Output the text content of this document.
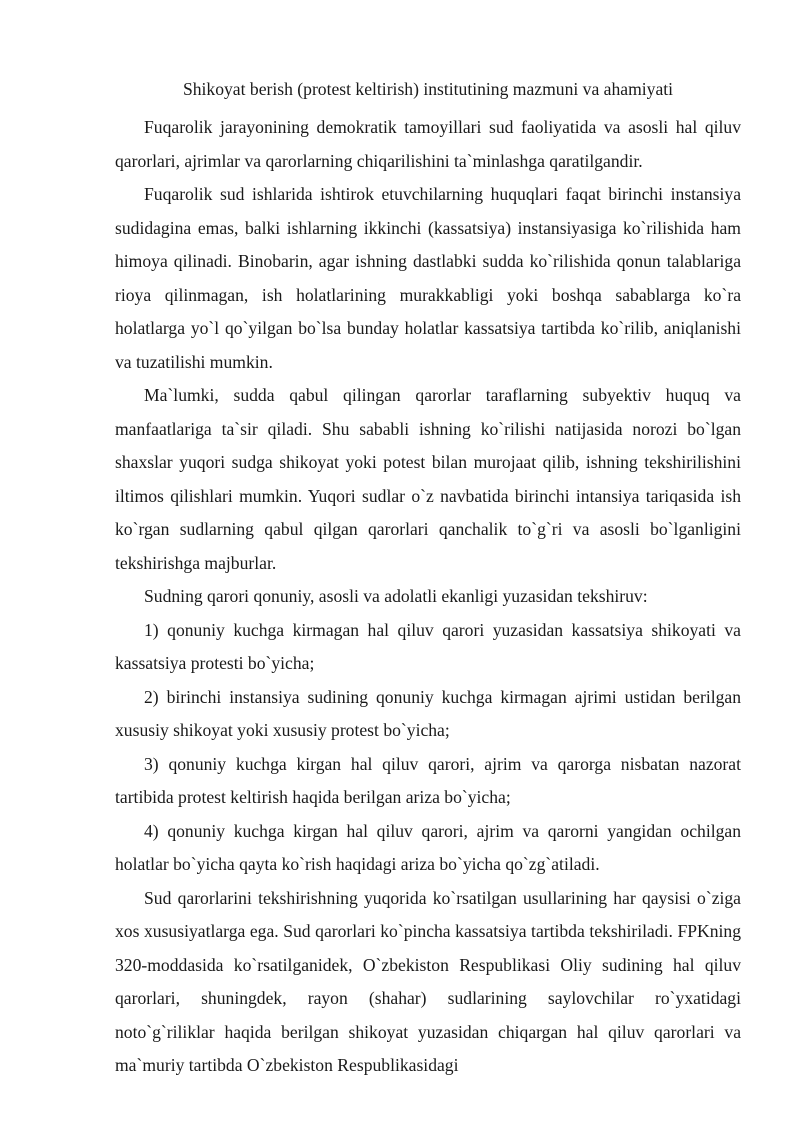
Shikoyat berish (protest keltirish) institutining mazmuni va ahamiyati

Fuqarolik jarayonining demokratik tamoyillari sud faoliyatida va asosli hal qiluv qarorlari, ajrimlar va qarorlarning chiqarilishini ta`minlashga qaratilgandir.

Fuqarolik sud ishlarida ishtirok etuvchilarning huquqlari faqat birinchi instansiya sudidagina emas, balki ishlarning ikkinchi (kassatsiya) instansiyasiga ko`rilishida ham himoya qilinadi. Binobarin, agar ishning dastlabki sudda ko`rilishida qonun talablariga rioya qilinmagan, ish holatlarining murakkabligi yoki boshqa sabablarga ko`ra holatlarga yo`l qo`yilgan bo`lsa bunday holatlar kassatsiya tartibda ko`rilib, aniqlanishi va tuzatilishi mumkin.

Ma`lumki, sudda qabul qilingan qarorlar taraflarning subyektiv huquq va manfaatlariga ta`sir qiladi. Shu sababli ishning ko`rilishi natijasida norozi bo`lgan shaxslar yuqori sudga shikoyat yoki potest bilan murojaat qilib, ishning tekshirilishini iltimos qilishlari mumkin. Yuqori sudlar o`z navbatida birinchi intansiya tariqasida ish ko`rgan sudlarning qabul qilgan qarorlari qanchalik to`g`ri va asosli bo`lganligini tekshirishga majburlar.

Sudning qarori qonuniy, asosli va adolatli ekanligi yuzasidan tekshiruv:

1) qonuniy kuchga kirmagan hal qiluv qarori yuzasidan kassatsiya shikoyati va kassatsiya protesti bo`yicha;

2) birinchi instansiya sudining qonuniy kuchga kirmagan ajrimi ustidan berilgan xususiy shikoyat yoki xususiy protest bo`yicha;

3) qonuniy kuchga kirgan hal qiluv qarori, ajrim va qarorga nisbatan nazorat tartibida protest keltirish haqida berilgan ariza bo`yicha;

4) qonuniy kuchga kirgan hal qiluv qarori, ajrim va qarorni yangidan ochilgan holatlar bo`yicha qayta ko`rish haqidagi ariza bo`yicha qo`zg`atiladi.

Sud qarorlarini tekshirishning yuqorida ko`rsatilgan usullarining har qaysisi o`ziga xos xususiyatlarga ega. Sud qarorlari ko`pincha kassatsiya tartibda tekshiriladi. FPKning 320-moddasida ko`rsatilganidek, O`zbekiston Respublikasi Oliy sudining hal qiluv qarorlari, shuningdek, rayon (shahar) sudlarining saylovchilar ro`yxatidagi noto`g`riliklar haqida berilgan shikoyat yuzasidan chiqargan hal qiluv qarorlari va ma`muriy tartibda O`zbekiston Respublikasidagi
